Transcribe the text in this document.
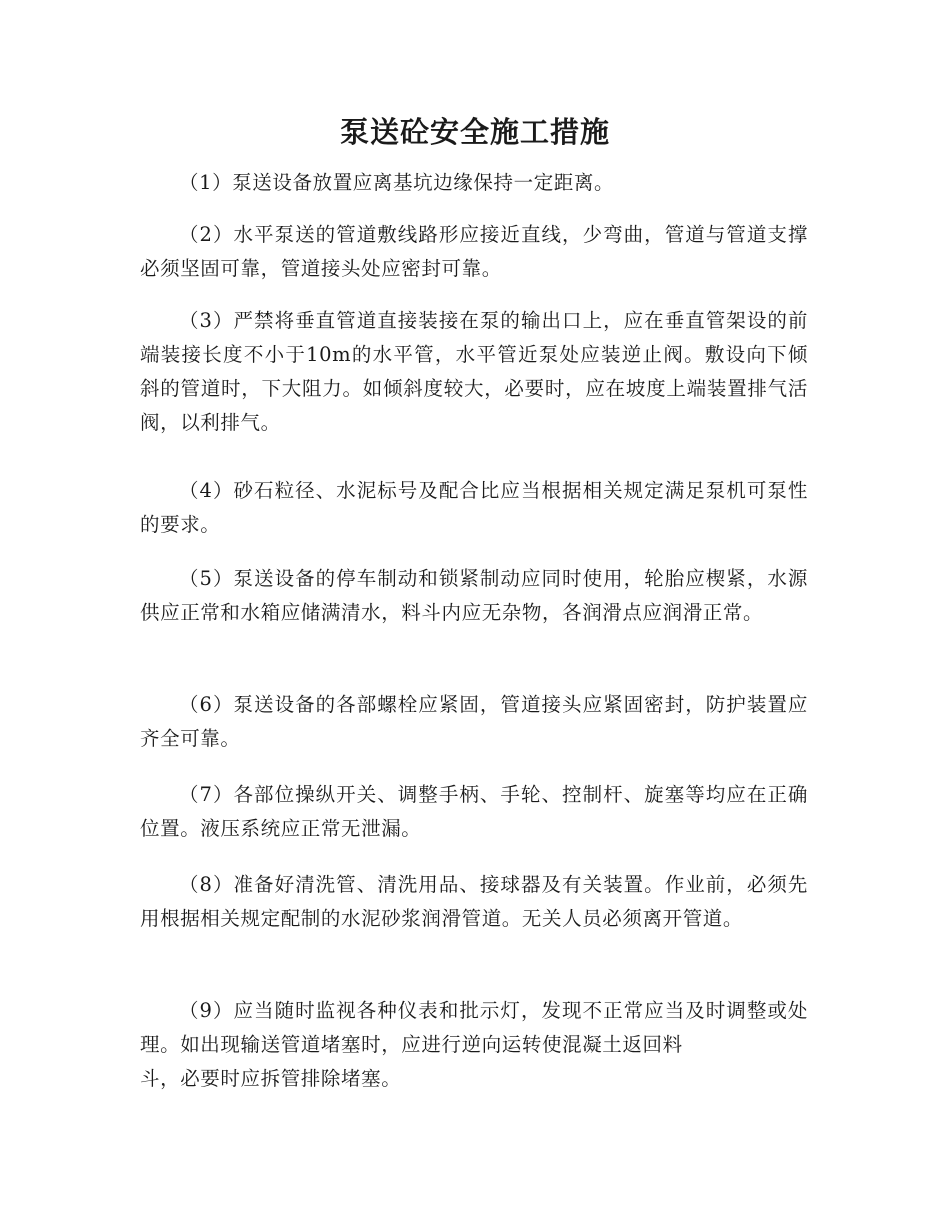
泵送砼安全施工措施

（1）泵送设备放置应离基坑边缘保持一定距离。

（2）水平泵送的管道敷线路形应接近直线，少弯曲，管道与管道支撑必须坚固可靠，管道接头处应密封可靠。

（3）严禁将垂直管道直接装接在泵的输出口上，应在垂直管架设的前端装接长度不小于10m的水平管，水平管近泵处应装逆止阀。敷设向下倾斜的管道时，下大阻力。如倾斜度较大，必要时，应在坡度上端装置排气活阀，以利排气。

（4）砂石粒径、水泥标号及配合比应当根据相关规定满足泵机可泵性的要求。

（5）泵送设备的停车制动和锁紧制动应同时使用，轮胎应楔紧，水源供应正常和水箱应储满清水，料斗内应无杂物，各润滑点应润滑正常。

（6）泵送设备的各部螺栓应紧固，管道接头应紧固密封，防护装置应齐全可靠。

（7）各部位操纵开关、调整手柄、手轮、控制杆、旋塞等均应在正确位置。液压系统应正常无泄漏。

（8）准备好清洗管、清洗用品、接球器及有关装置。作业前，必须先用根据相关规定配制的水泥砂浆润滑管道。无关人员必须离开管道。

（9）应当随时监视各种仪表和批示灯，发现不正常应当及时调整或处理。如出现输送管道堵塞时，应进行逆向运转使混凝土返回料

斗，必要时应拆管排除堵塞。
